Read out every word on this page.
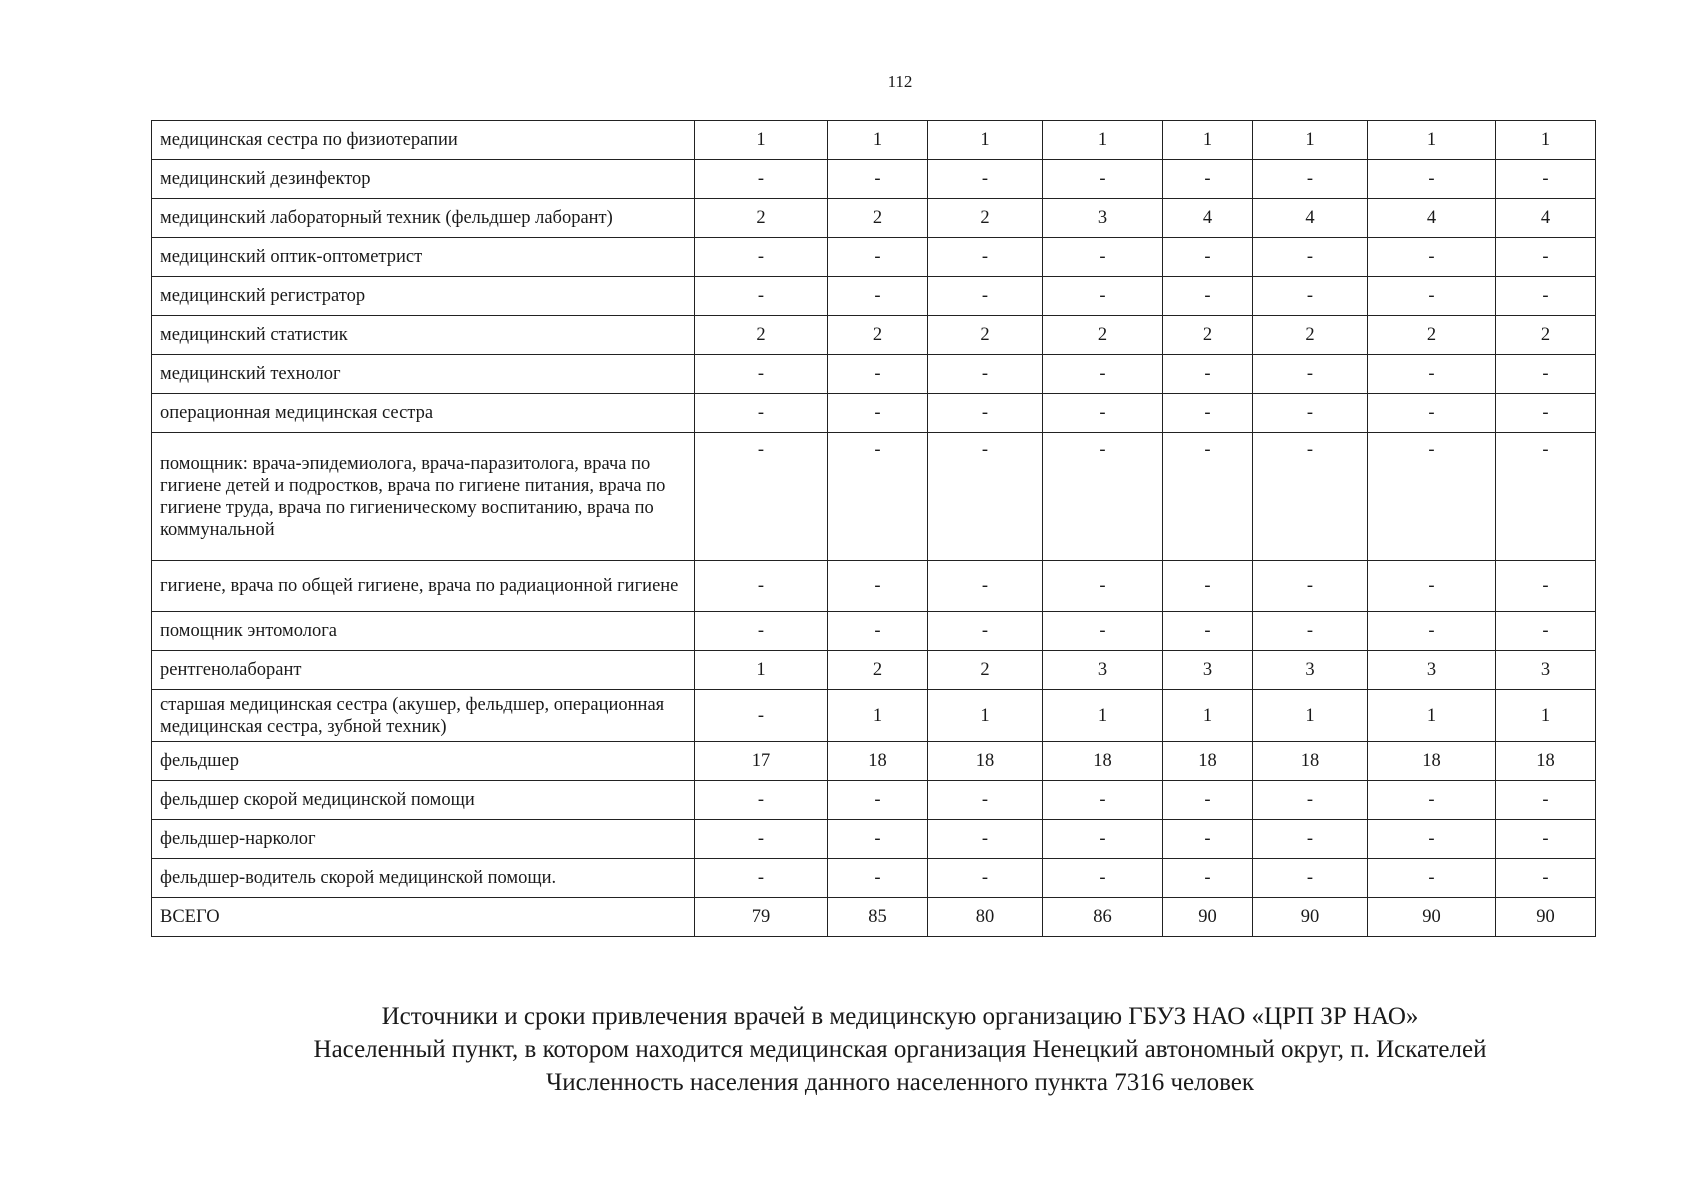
112
медицинская сестра по физиотерапии	1	1	1	1	1	1	1	1
медицинский дезинфектор	-	-	-	-	-	-	-	-
медицинский лабораторный техник (фельдшер лаборант)	2	2	2	3	4	4	4	4
медицинский оптик-оптометрист	-	-	-	-	-	-	-	-
медицинский регистратор	-	-	-	-	-	-	-	-
медицинский статистик	2	2	2	2	2	2	2	2
медицинский технолог	-	-	-	-	-	-	-	-
операционная медицинская сестра	-	-	-	-	-	-	-	-
помощник: врача-эпидемиолога, врача-паразитолога, врача по гигиене детей и подростков, врача по гигиене питания, врача по гигиене труда, врача по гигиеническому воспитанию, врача по коммунальной	-	-	-	-	-	-	-	-
гигиене, врача по общей гигиене, врача по радиационной гигиене	-	-	-	-	-	-	-	-
помощник энтомолога	-	-	-	-	-	-	-	-
рентгенолаборант	1	2	2	3	3	3	3	3
старшая медицинская сестра (акушер, фельдшер, операционная медицинская сестра, зубной техник)	-	1	1	1	1	1	1	1
фельдшер	17	18	18	18	18	18	18	18
фельдшер скорой медицинской помощи	-	-	-	-	-	-	-	-
фельдшер-нарколог	-	-	-	-	-	-	-	-
фельдшер-водитель скорой медицинской помощи.	-	-	-	-	-	-	-	-
ВСЕГО	79	85	80	86	90	90	90	90
Источники и сроки привлечения врачей в медицинскую организацию ГБУЗ НАО «ЦРП ЗР НАО»
Населенный пункт, в котором находится медицинская организация Ненецкий автономный округ, п. Искателей
Численность населения данного населенного пункта 7316 человек
